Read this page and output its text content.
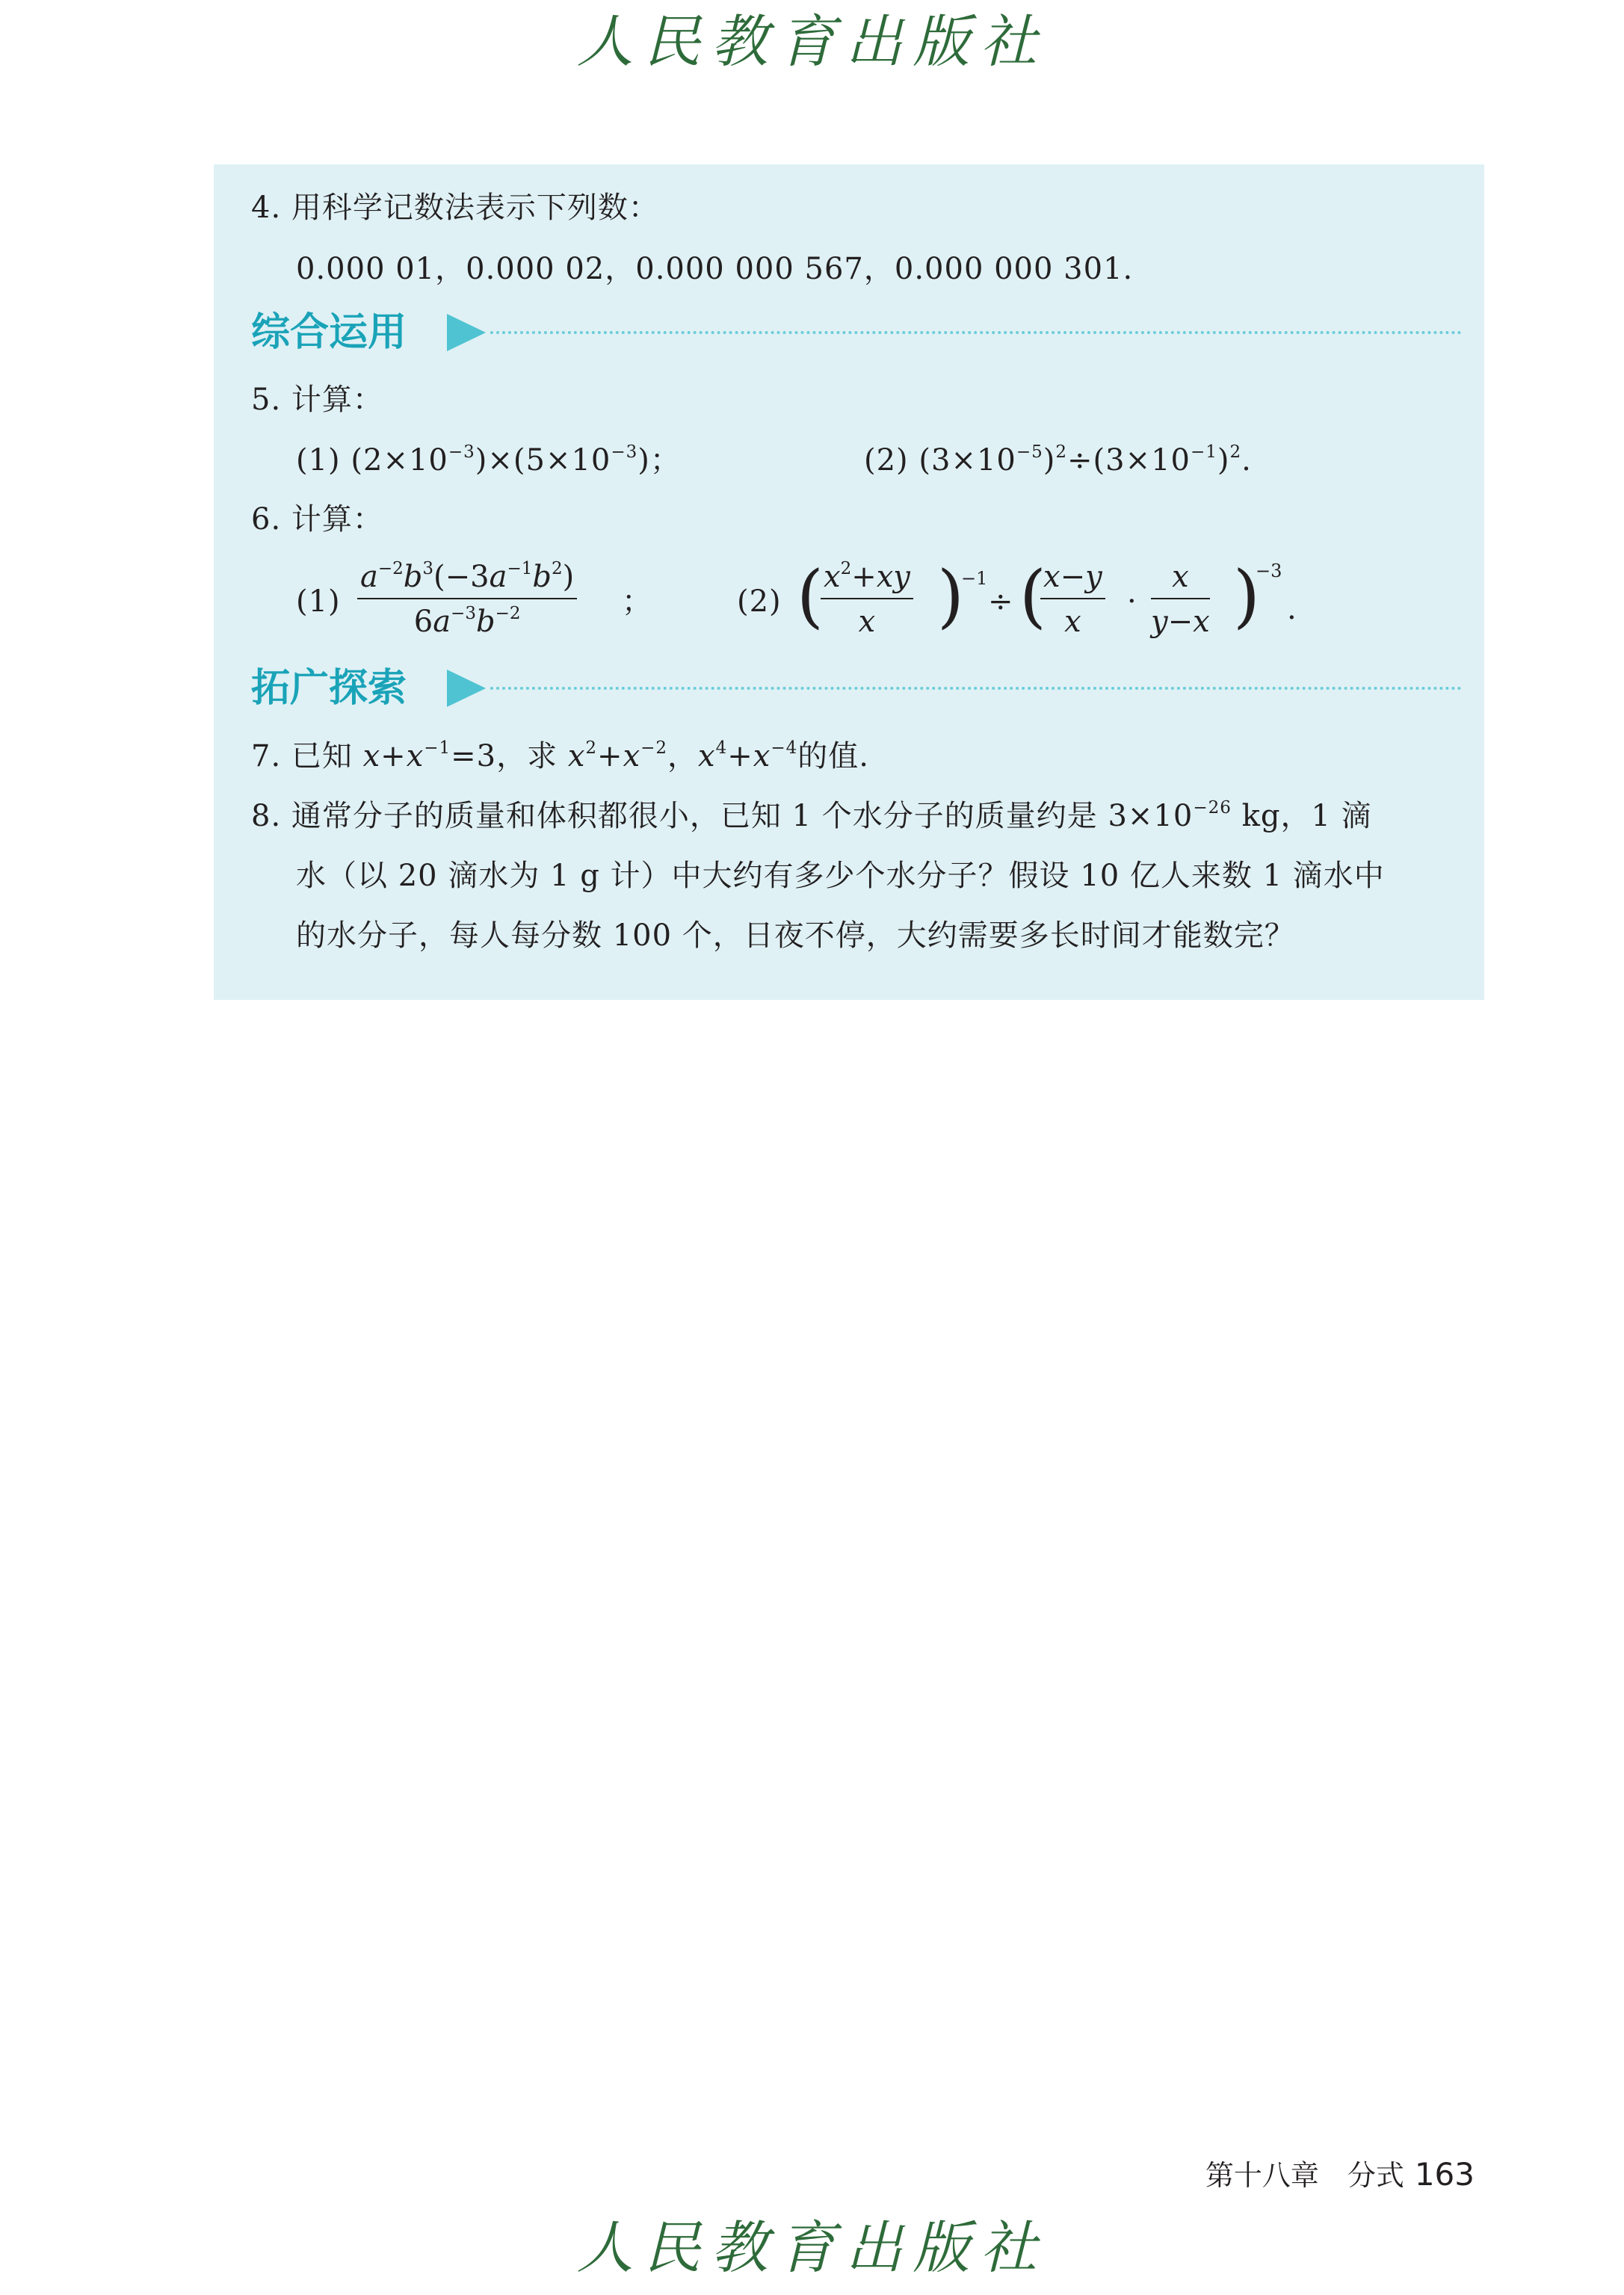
人民教育出版社
4. 用科学记数法表示下列数：
0.000 01，0.000 02，0.000 000 567，0.000 000 301.
综合运用
5. 计算：
(1) $(2\times 10^{-3})\times(5\times 10^{-3})$；	(2) $(3\times 10^{-5})^2\div(3\times 10^{-1})^2$.
6. 计算：
(1)
$a^{-2}b^3(-3a^{-1}b^2)$
$6a^{-3}b^{-2}$	；	(2) ( $x^2+xy$
x )
−1
÷ (
x−y
x
·
x
y−x )
−3
.
拓广探索
7. 已知 $x+x^{-1}=3$，求 $x^2+x^{-2}$，$x^4+x^{-4}$的值.
8. 通常分子的质量和体积都很小，已知 1 个水分子的质量约是 $3\times 10^{-26}$ kg，1 滴
水（以 20 滴水为 1 g 计）中大约有多少个水分子？假设 10 亿人来数 1 滴水中
的水分子，每人每分数 100 个，日夜不停，大约需要多长时间才能数完？
第十八章　分式 163
人民教育出版社
